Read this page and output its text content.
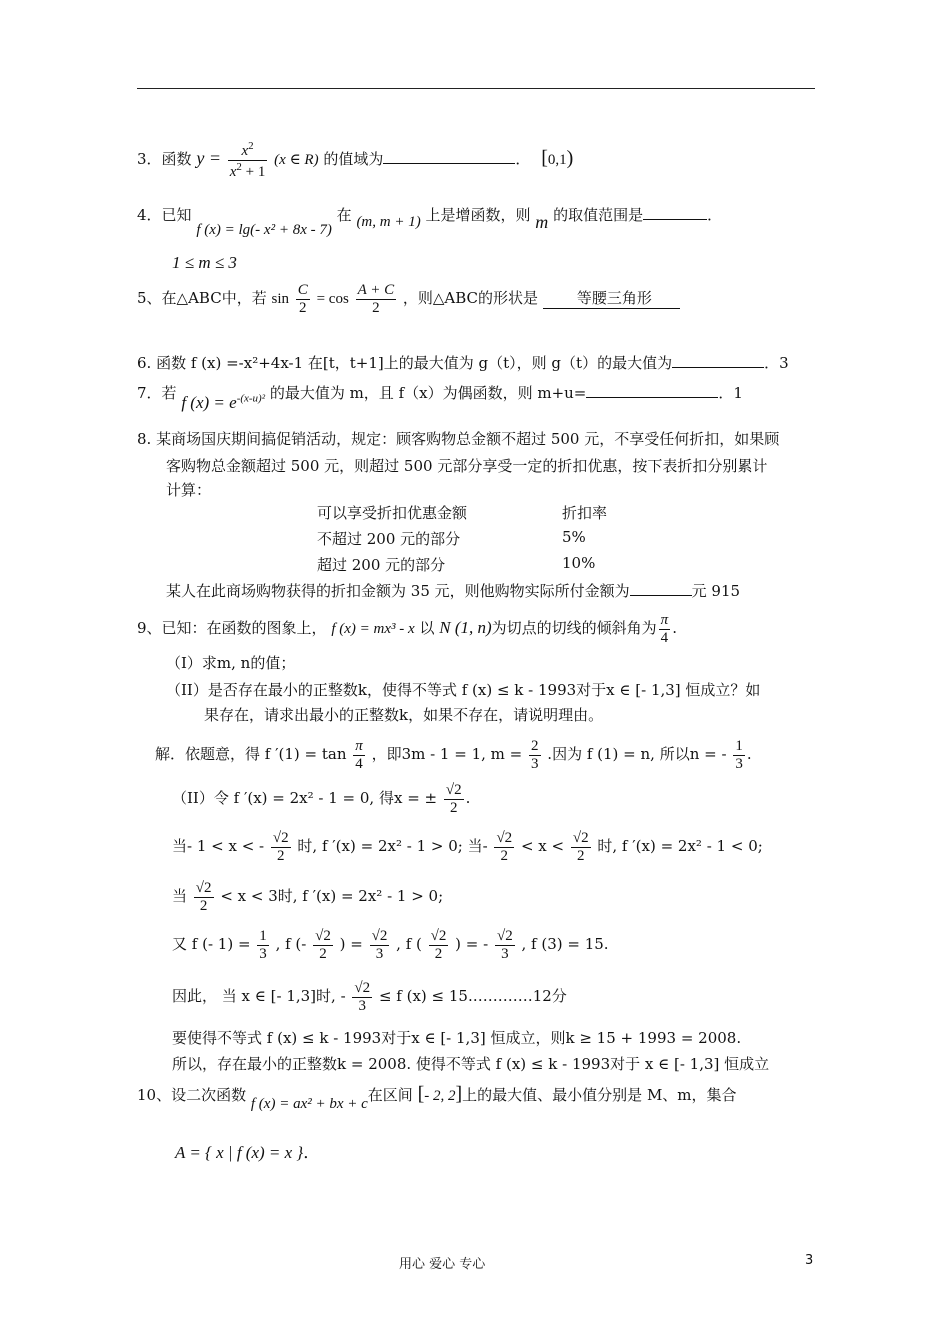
3．函数 $y = \frac{x^2}{x^2 + 1} (x$ ∈ R) 的值域为	． [0,1)
4．已知 f (x) = lg(- x² + 8x - 7) 在 (m, m + 1) 上是增函数，则 m 的取值范围是	．
1 ≤ m ≤ 3
5、在△ABC中，若 $\sin \frac{C}{2} = \cos \frac{A + C}{2}$ ，则△ABC的形状是	等腰三角形
6. 函数 f (x) =-x²+4x-1 在[t，t+1]上的最大值为 g（t），则 g（t）的最大值为	．3
7．若 f $(x) = e^{-(x-u)^2}$ 的最大值为 m，且 f（x）为偶函数，则 m+u=	．1
8. 某商场国庆期间搞促销活动，规定：顾客购物总金额不超过 500 元，不享受任何折扣，如果顾
客购物总金额超过 500 元，则超过 500 元部分享受一定的折扣优惠，按下表折扣分别累计
计算：
可以享受折扣优惠金额	折扣率
不超过 200 元的部分	5%
超过 200 元的部分	10%
某人在此商场购物获得的折扣金额为 35 元，则他购物实际所付金额为	元 915
9、已知：在函数的图象上， f (x) = mx³ - x 以 N (1, n)为切点的切线的倾斜角为 $\frac{\pi}{4}$ .
（I）求m, n的值；
（II）是否存在最小的正整数k，使得不等式 f (x) ≤ k - 1993对于x ∈ [- 1,3] 恒成立？如
果存在，请求出最小的正整数k，如果不存在，请说明理由。
解．依题意，得 f $'(1) = \tan \frac{\pi}{4}$ ，即3m - 1 = 1, $m = \frac{2}{3}$ .因为 f (1) = n, 所以n = - $\frac{1}{3}$ .
（II）令 f ′(x) = 2x² - 1 = 0, 得x = ± $\frac{√2}{2}$ .
当- 1 < x < - $\frac{√2}{2}$ 时, f ′(x) = 2x² - 1 > 0; 当- $\frac{√2}{2} < x < \frac{√2}{2}$ 时, f ′(x) = 2x² - 1 < 0;
当 $\frac{√2}{2} < x < 3$时, f ′(x) = 2x² - 1 > 0;
又 f (- $1) = \frac{1}{3}$ , f (- $\frac{√2}{2}$ ) = $\frac{√2}{3}$ , f ( $\frac{√2}{2}$ ) = - $\frac{√2}{3}$ , f (3) = 15.
因此， 当 x ∈ [- 1,3]时, - $\frac{√2}{3} \le f$ (x) ≤ 15.…………12分
要使得不等式 f (x) ≤ k - 1993对于x ∈ [- 1,3] 恒成立，则k ≥ 15 + 1993 = 2008.
所以，存在最小的正整数k = 2008. 使得不等式 f (x) ≤ k - 1993对于 x ∈ [- 1,3] 恒成立
10、设二次函数 f (x) = ax² + bx + c在区间 [- 2, 2]上的最大值、最小值分别是 M、m，集合
A = { x | f (x) = x }．
用心 爱心 专心	3
